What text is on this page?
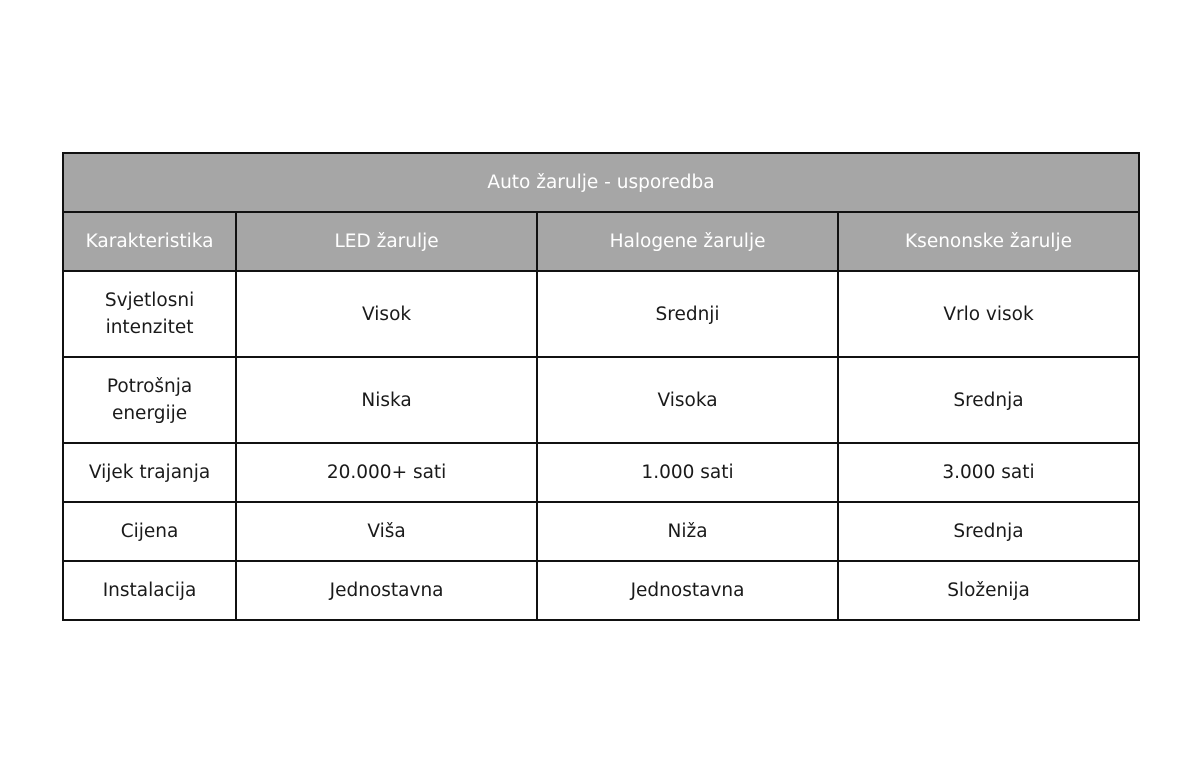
Auto žarulje - usporedba			
Karakteristika	LED žarulje	Halogene žarulje	Ksenonske žarulje
Svjetlosni intenzitet	Visok	Srednji	Vrlo visok
Potrošnja energije	Niska	Visoka	Srednja
Vijek trajanja	20.000+ sati	1.000 sati	3.000 sati
Cijena	Viša	Niža	Srednja
Instalacija	Jednostavna	Jednostavna	Složenija
